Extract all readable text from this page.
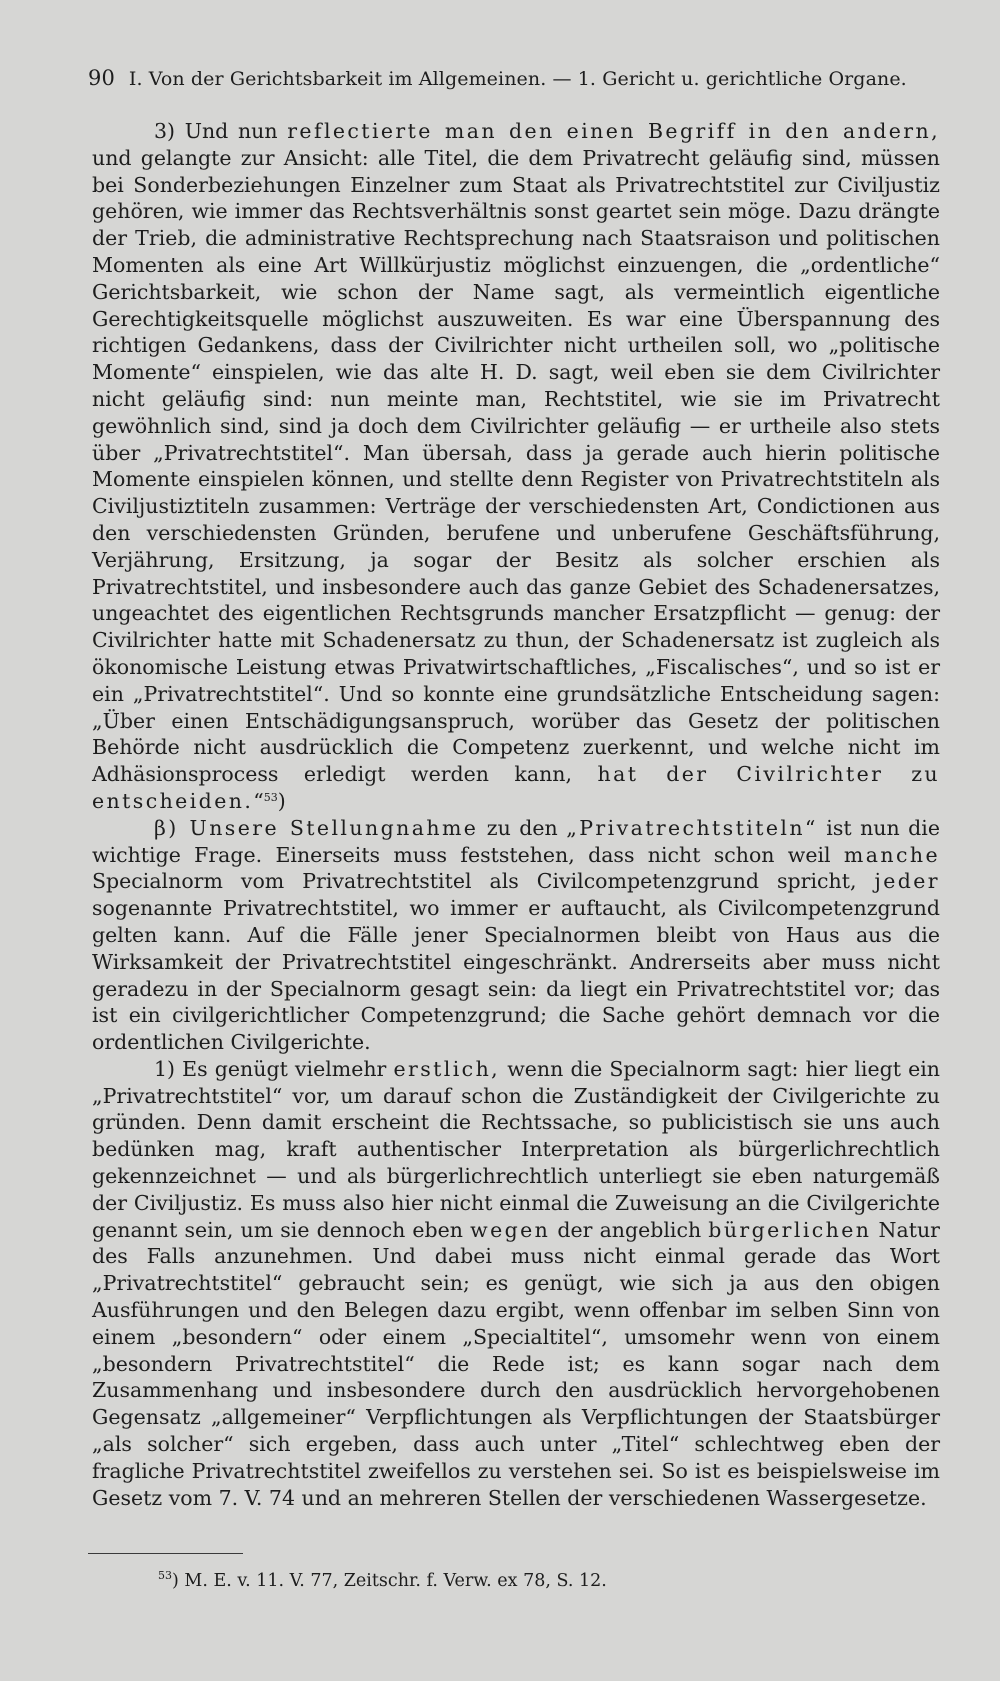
90 I. Von der Gerichtsbarkeit im Allgemeinen. — 1. Gericht u. gerichtliche Organe.

3) Und nun reflectierte man den einen Begriff in den andern, und gelangte zur Ansicht: alle Titel, die dem Privatrecht geläufig sind, müssen bei Sonderbeziehungen Einzelner zum Staat als Privatrechtstitel zur Civiljustiz gehören, wie immer das Rechtsverhältnis sonst geartet sein möge. Dazu drängte der Trieb, die administrative Rechtsprechung nach Staatsraison und politischen Momenten als eine Art Willkürjustiz möglichst einzuengen, die „ordentliche“ Gerichtsbarkeit, wie schon der Name sagt, als vermeintlich eigentliche Gerechtigkeitsquelle möglichst auszuweiten. Es war eine Überspannung des richtigen Gedankens, dass der Civilrichter nicht urtheilen soll, wo „politische Momente“ einspielen, wie das alte H. D. sagt, weil eben sie dem Civilrichter nicht geläufig sind: nun meinte man, Rechtstitel, wie sie im Privatrecht gewöhnlich sind, sind ja doch dem Civilrichter geläufig — er urtheile also stets über „Privatrechtstitel“. Man übersah, dass ja gerade auch hierin politische Momente einspielen können, und stellte denn Register von Privatrechtstiteln als Civiljustiztiteln zusammen: Verträge der verschiedensten Art, Condictionen aus den verschiedensten Gründen, berufene und unberufene Geschäftsführung, Verjährung, Ersitzung, ja sogar der Besitz als solcher erschien als Privatrechtstitel, und insbesondere auch das ganze Gebiet des Schadenersatzes, ungeachtet des eigentlichen Rechtsgrunds mancher Ersatzpflicht — genug: der Civilrichter hatte mit Schadenersatz zu thun, der Schadenersatz ist zugleich als ökonomische Leistung etwas Privatwirtschaftliches, „Fiscalisches“, und so ist er ein „Privatrechtstitel“. Und so konnte eine grundsätzliche Entscheidung sagen: „Über einen Entschädigungsanspruch, worüber das Gesetz der politischen Behörde nicht ausdrücklich die Competenz zuerkennt, und welche nicht im Adhäsionsprocess erledigt werden kann, hat der Civilrichter zu entscheiden.“$^{53}$)

β) Unsere Stellungnahme zu den „Privatrechtstiteln“ ist nun die wichtige Frage. Einerseits muss feststehen, dass nicht schon weil manche Specialnorm vom Privatrechtstitel als Civilcompetenzgrund spricht, jeder sogenannte Privatrechtstitel, wo immer er auftaucht, als Civilcompetenzgrund gelten kann. Auf die Fälle jener Specialnormen bleibt von Haus aus die Wirksamkeit der Privatrechtstitel eingeschränkt. Andrerseits aber muss nicht geradezu in der Specialnorm gesagt sein: da liegt ein Privatrechtstitel vor; das ist ein civilgerichtlicher Competenzgrund; die Sache gehört demnach vor die ordentlichen Civilgerichte.

1) Es genügt vielmehr erstlich, wenn die Specialnorm sagt: hier liegt ein „Privatrechtstitel“ vor, um darauf schon die Zuständigkeit der Civilgerichte zu gründen. Denn damit erscheint die Rechtssache, so publicistisch sie uns auch bedünken mag, kraft authentischer Interpretation als bürgerlichrechtlich gekennzeichnet — und als bürgerlichrechtlich unterliegt sie eben naturgemäß der Civiljustiz. Es muss also hier nicht einmal die Zuweisung an die Civilgerichte genannt sein, um sie dennoch eben wegen der angeblich bürgerlichen Natur des Falls anzunehmen. Und dabei muss nicht einmal gerade das Wort „Privatrechtstitel“ gebraucht sein; es genügt, wie sich ja aus den obigen Ausführungen und den Belegen dazu ergibt, wenn offenbar im selben Sinn von einem „besondern“ oder einem „Specialtitel“, umsomehr wenn von einem „besondern Privatrechtstitel“ die Rede ist; es kann sogar nach dem Zusammenhang und insbesondere durch den ausdrücklich hervorgehobenen Gegensatz „allgemeiner“ Verpflichtungen als Verpflichtungen der Staatsbürger „als solcher“ sich ergeben, dass auch unter „Titel“ schlechtweg eben der fragliche Privatrechtstitel zweifellos zu verstehen sei. So ist es beispielsweise im Gesetz vom 7. V. 74 und an mehreren Stellen der verschiedenen Wassergesetze.

$^{53}$) M. E. v. 11. V. 77, Zeitschr. f. Verw. ex 78, S. 12.
